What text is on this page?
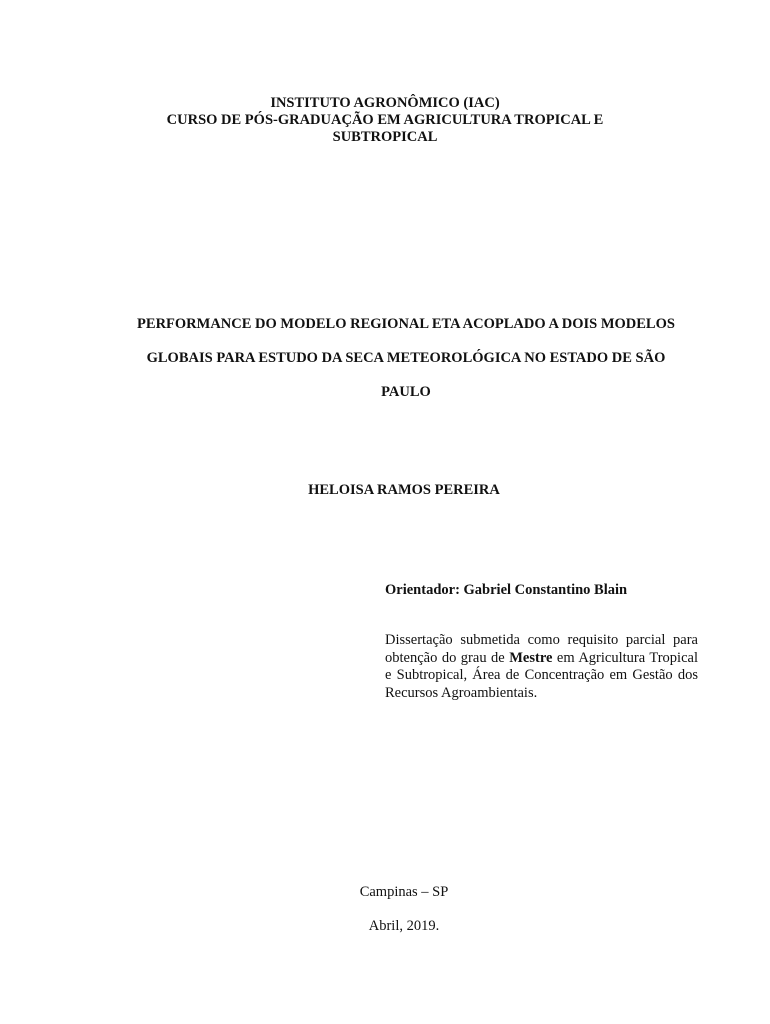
INSTITUTO AGRONÔMICO (IAC)
CURSO DE PÓS-GRADUAÇÃO EM AGRICULTURA TROPICAL E
SUBTROPICAL
PERFORMANCE DO MODELO REGIONAL ETA ACOPLADO A DOIS MODELOS
GLOBAIS PARA ESTUDO DA SECA METEOROLÓGICA NO ESTADO DE SÃO
PAULO
HELOISA RAMOS PEREIRA
Orientador: Gabriel Constantino Blain
Dissertação submetida como requisito parcial para obtenção do grau de Mestre em Agricultura Tropical e Subtropical, Área de Concentração em Gestão dos Recursos Agroambientais.
Campinas – SP
Abril, 2019.
